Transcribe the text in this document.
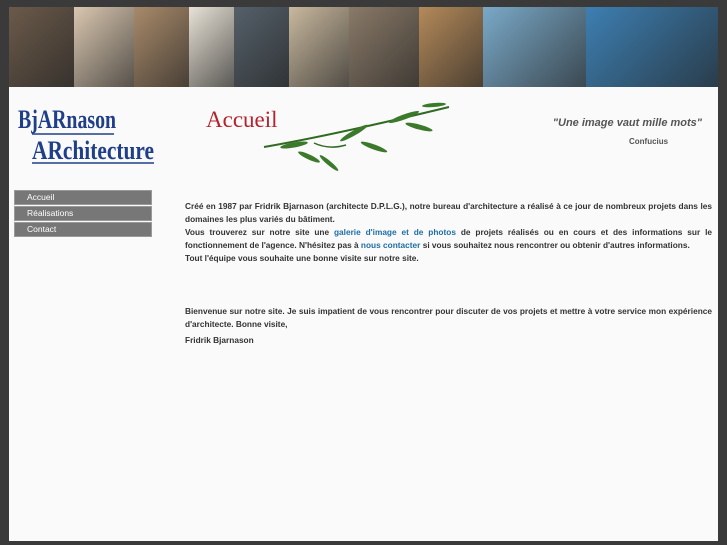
BjARnason
ARchitecture
Accueil	"Une image vaut mille mots"
Confucius
Accueil
Réalisations
Contact

Créé en 1987 par Fridrik Bjarnason (architecte D.P.L.G.), notre bureau d'architecture a réalisé à ce jour de nombreux projets dans les domaines les plus variés du bâtiment.

Vous trouverez sur notre site une galerie d'image et de photos de projets réalisés ou en cours et des informations sur le fonctionnement de l'agence. N'hésitez pas à nous contacter si vous souhaitez nous rencontrer ou obtenir d'autres informations.

Tout l'équipe vous souhaite une bonne visite sur notre site.

Bienvenue sur notre site. Je suis impatient de vous rencontrer pour discuter de vos projets et mettre à votre service mon expérience d'architecte. Bonne visite,

Fridrik Bjarnason
